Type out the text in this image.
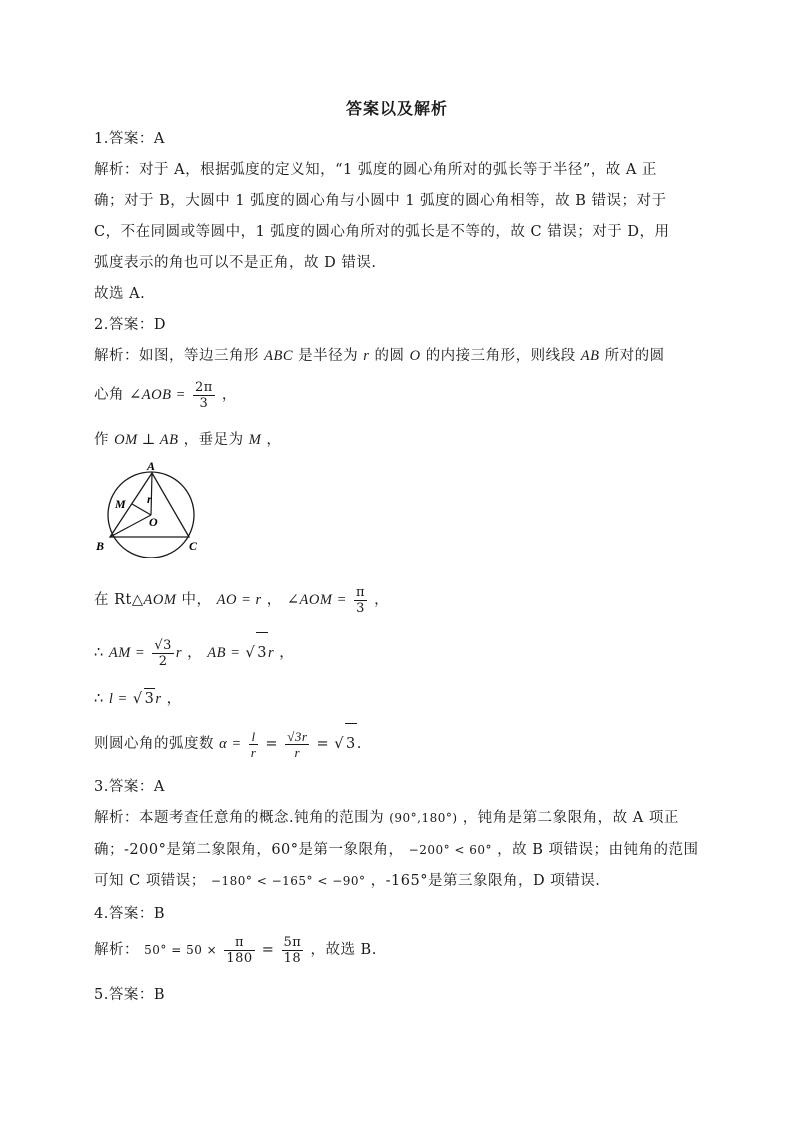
答案以及解析
1.答案：A
解析：对于 A，根据弧度的定义知，“1 弧度的圆心角所对的弧长等于半径”，故 A 正
确；对于 B，大圆中 1 弧度的圆心角与小圆中 1 弧度的圆心角相等，故 B 错误；对于
C，不在同圆或等圆中，1 弧度的圆心角所对的弧长是不等的，故 C 错误；对于 D，用
弧度表示的角也可以不是正角，故 D 错误.
故选 A.
2.答案：D
解析：如图，等边三角形 ABC 是半径为 r 的圆 O 的内接三角形，则线段 AB 所对的圆
心角 ∠AOB = $\frac{2\pi}{3}$ ，
作 OM ⊥ AB ，垂足为 M ，
A
B	C
O
M r
在 Rt△AOM 中， AO = r ， ∠AOM = $\frac{\pi}{3}$ ，
∴ AM = $\frac{√3}{2}$ r ， AB = √ 3r ，
∴ l = √ 3r ，
则圆心角的弧度数 $\alpha = \frac{l}{r} = \frac{√3r}{r}$ = √ 3.
3.答案：A
解析：本题考查任意角的概念.钝角的范围为 (90°,180°) ，钝角是第二象限角，故 A 项正
确；-200°是第二象限角，60°是第一象限角， −200° < 60° ，故 B 项错误；由钝角的范围
可知 C 项错误； −180° < −165° < −90° ，-165°是第三象限角，D 项错误.
4.答案：B
解析： $50^\circ = 50 \times \frac{\pi}{180} = \frac{5\pi}{18}$ ，故选 B.
5.答案：B
